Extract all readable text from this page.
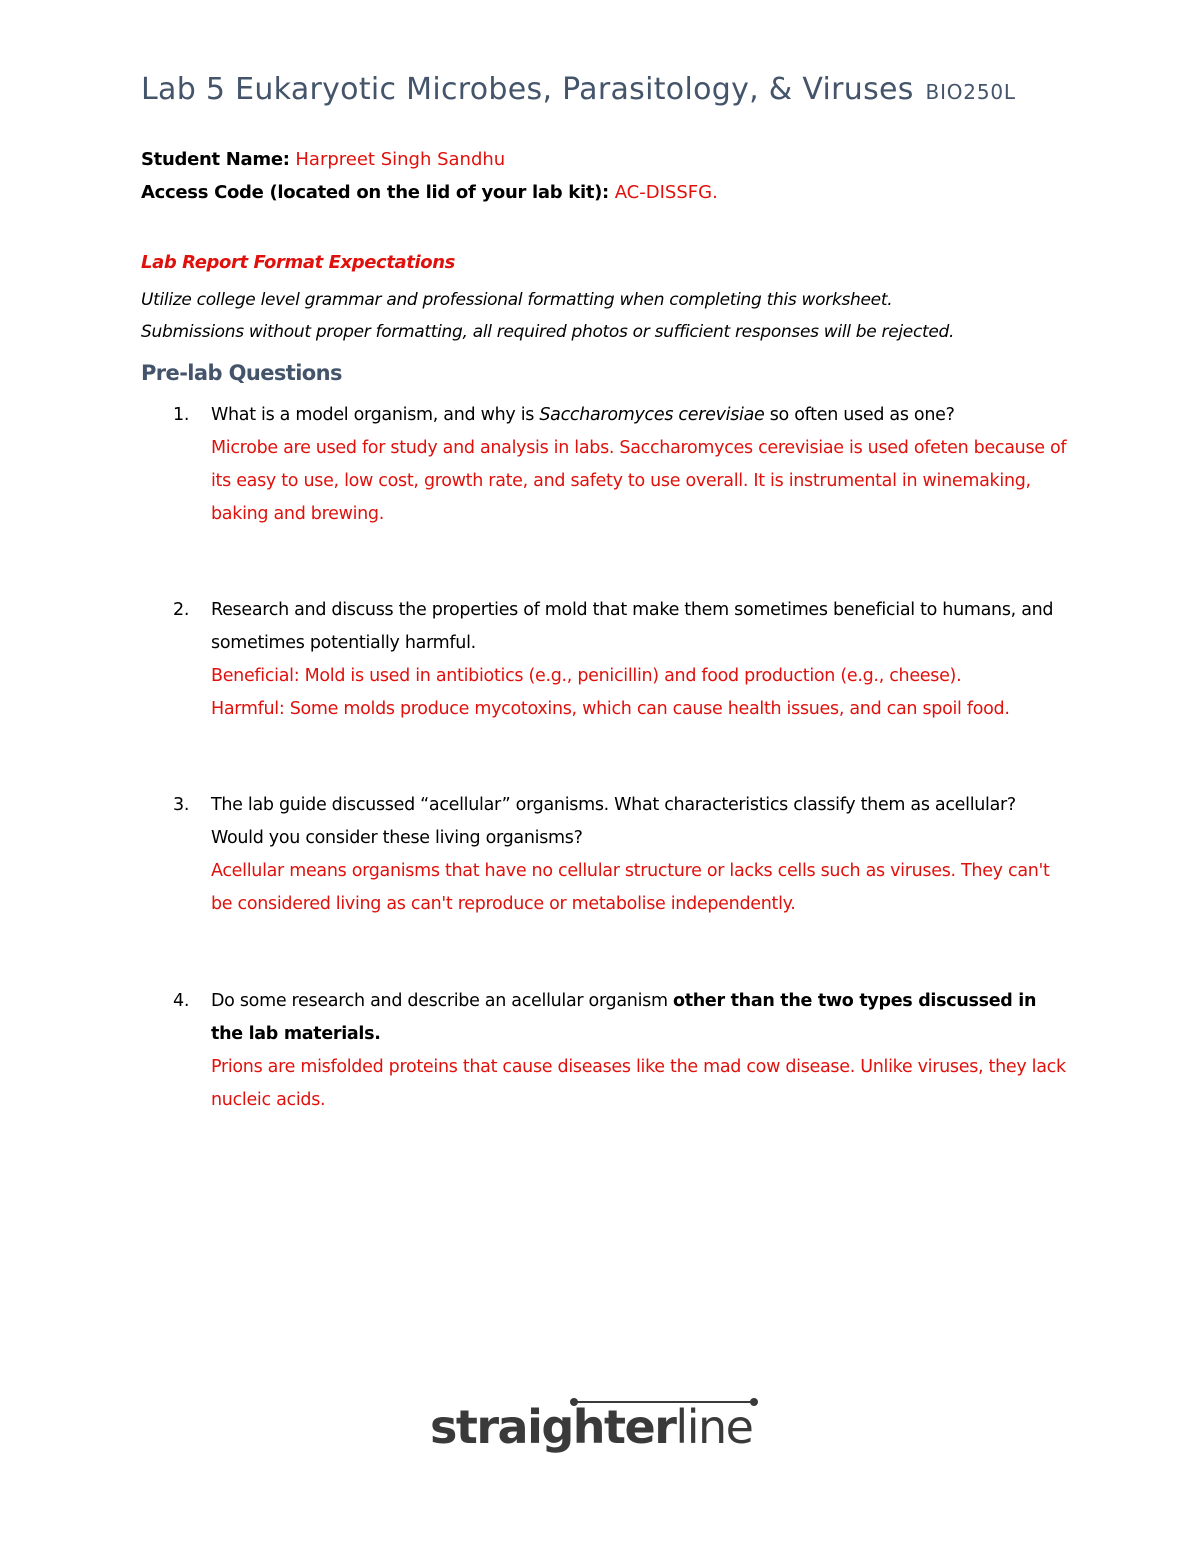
Lab 5 Eukaryotic Microbes, Parasitology, & Viruses BIO250L
Student Name: Harpreet Singh Sandhu
Access Code (located on the lid of your lab kit): AC-DISSFG.
Lab Report Format Expectations
Utilize college level grammar and professional formatting when completing this worksheet.
Submissions without proper formatting, all required photos or sufficient responses will be rejected.
Pre-lab Questions
1.	What is a model organism, and why is Saccharomyces cerevisiae so often used as one?
Microbe are used for study and analysis in labs. Saccharomyces cerevisiae is used ofeten because of its easy to use, low cost, growth rate, and safety to use overall. It is instrumental in winemaking, baking and brewing.
2.	Research and discuss the properties of mold that make them sometimes beneficial to humans, and sometimes potentially harmful.
Beneficial: Mold is used in antibiotics (e.g., penicillin) and food production (e.g., cheese).
Harmful: Some molds produce mycotoxins, which can cause health issues, and can spoil food.
3.	The lab guide discussed “acellular” organisms. What characteristics classify them as acellular? Would you consider these living organisms?
Acellular means organisms that have no cellular structure or lacks cells such as viruses. They can't be considered living as can't reproduce or metabolise independently.
4.	Do some research and describe an acellular organism other than the two types discussed in the lab materials.
Prions are misfolded proteins that cause diseases like the mad cow disease. Unlike viruses, they lack nucleic acids.
straighterline
